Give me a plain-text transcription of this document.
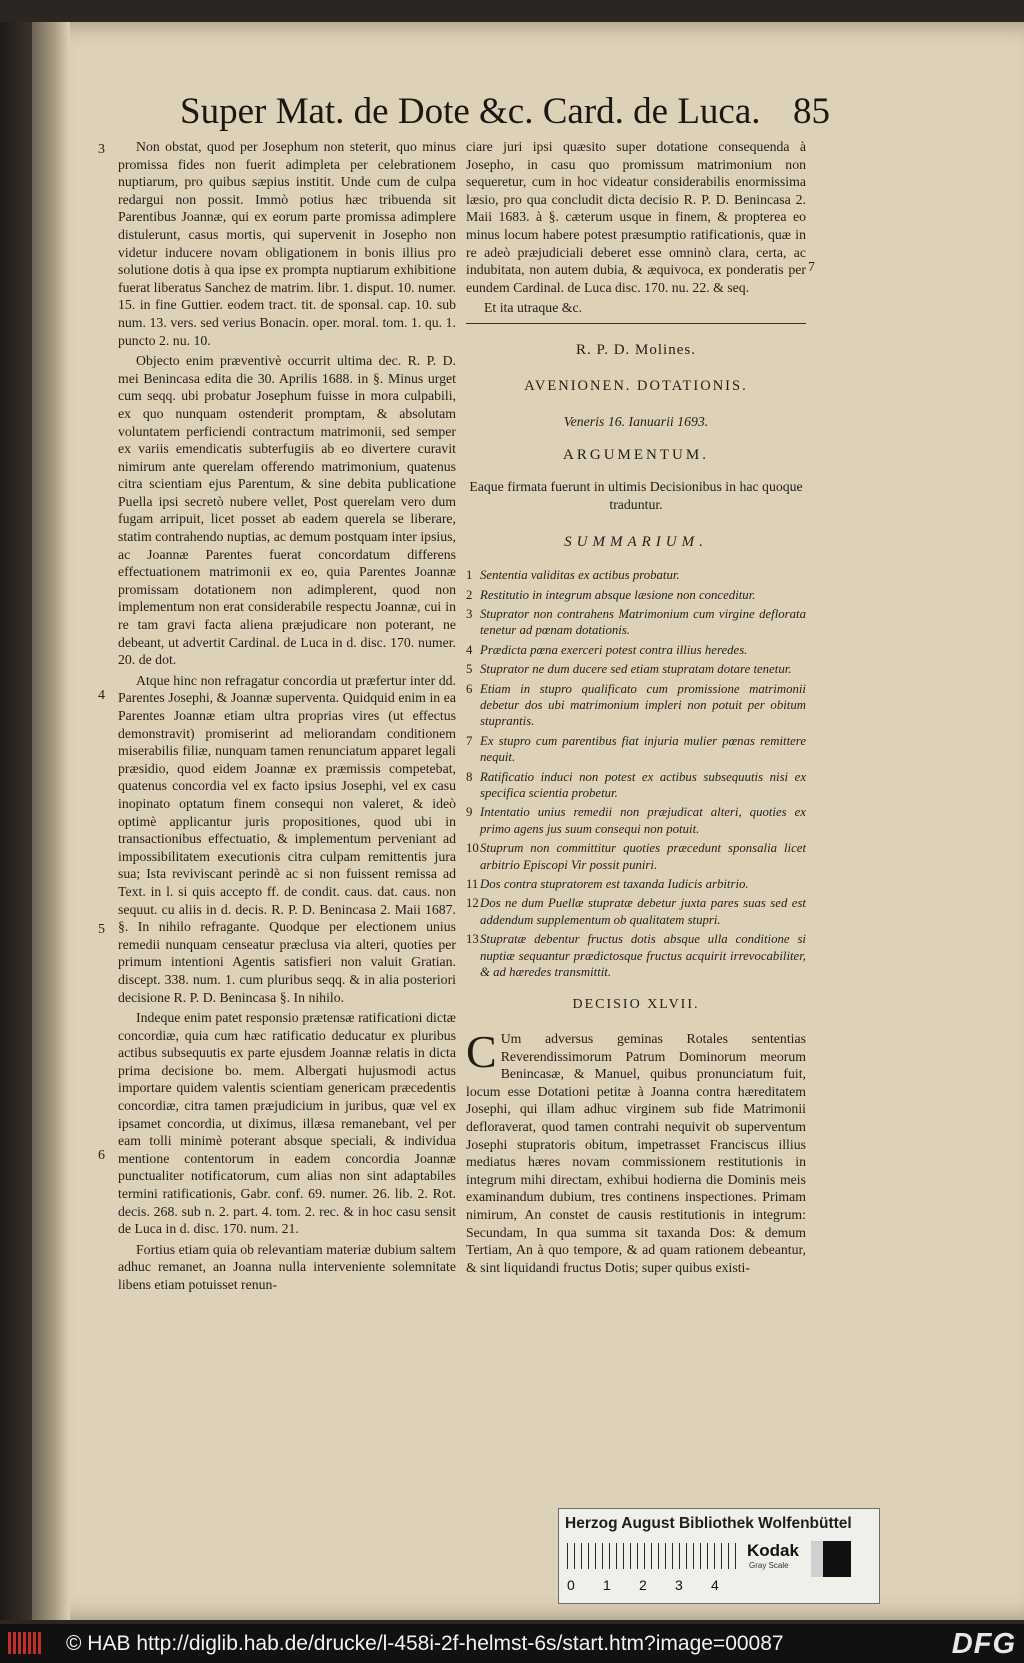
Super Mat. de Dote &c. Card. de Luca. 85
3
4
5
6
7

Non obstat, quod per Josephum non steterit, quo minus promissa fides non fuerit adimpleta per celebrationem nuptiarum, pro quibus sæpius institit. Unde cum de culpa redargui non possit. Immò potius hæc tribuenda sit Parentibus Joannæ, qui ex eorum parte promissa adimplere distulerunt, casus mortis, qui supervenit in Josepho non videtur inducere novam obligationem in bonis illius pro solutione dotis à qua ipse ex prompta nuptiarum exhibitione fuerat liberatus Sanchez de matrim. libr. 1. disput. 10. numer. 15. in fine Guttier. eodem tract. tit. de sponsal. cap. 10. sub num. 13. vers. sed verius Bonacin. oper. moral. tom. 1. qu. 1. puncto 2. nu. 10.

Objecto enim præventivè occurrit ultima dec. R. P. D. mei Benincasa edita die 30. Aprilis 1688. in §. Minus urget cum seqq. ubi probatur Josephum fuisse in mora culpabili, ex quo nunquam ostenderit promptam, & absolutam voluntatem perficiendi contractum matrimonii, sed semper ex variis emendicatis subterfugiis ab eo divertere curavit nimirum ante querelam offerendo matrimonium, quatenus citra scientiam ejus Parentum, & sine debita publicatione Puella ipsi secretò nubere vellet, Post querelam vero dum fugam arripuit, licet posset ab eadem querela se liberare, statim contrahendo nuptias, ac demum postquam inter ipsius, ac Joannæ Parentes fuerat concordatum differens effectuationem matrimonii ex eo, quia Parentes Joannæ promissam dotationem non adimplerent, quod non implementum non erat considerabile respectu Joannæ, cui in re tam gravi facta aliena præjudicare non poterant, ne debeant, ut advertit Cardinal. de Luca in d. disc. 170. numer. 20. de dot.

Atque hinc non refragatur concordia ut præfertur inter dd. Parentes Josephi, & Joannæ superventa. Quidquid enim in ea Parentes Joannæ etiam ultra proprias vires (ut effectus demonstravit) promiserint ad meliorandam conditionem miserabilis filiæ, nunquam tamen renunciatum apparet legali præsidio, quod eidem Joannæ ex præmissis competebat, quatenus concordia vel ex facto ipsius Josephi, vel ex casu inopinato optatum finem consequi non valeret, & ideò optimè applicantur juris propositiones, quod ubi in transactionibus effectuatio, & implementum perveniant ad impossibilitatem executionis citra culpam remittentis jura sua; Ista reviviscant perindè ac si non fuissent remissa ad Text. in l. si quis accepto ff. de condit. caus. dat. caus. non sequut. cu aliis in d. decis. R. P. D. Benincasa 2. Maii 1687. §. In nihilo refragante. Quodque per electionem unius remedii nunquam censeatur præclusa via alteri, quoties per primum intentioni Agentis satisfieri non valuit Gratian. discept. 338. num. 1. cum pluribus seqq. & in alia posteriori decisione R. P. D. Benincasa §. In nihilo.

Indeque enim patet responsio prætensæ ratificationi dictæ concordiæ, quia cum hæc ratificatio deducatur ex pluribus actibus subsequutis ex parte ejusdem Joannæ relatis in dicta prima decisione bo. mem. Albergati hujusmodi actus importare quidem valentis scientiam genericam præcedentis concordiæ, citra tamen præjudicium in juribus, quæ vel ex ipsamet concordia, ut diximus, illæsa remanebant, vel per eam tolli minimè poterant absque speciali, & individua mentione contentorum in eadem concordia Joannæ punctualiter notificatorum, cum alias non sint adaptabiles termini ratificationis, Gabr. conf. 69. numer. 26. lib. 2. Rot. decis. 268. sub n. 2. part. 4. tom. 2. rec. & in hoc casu sensit de Luca in d. disc. 170. num. 21.

Fortius etiam quia ob relevantiam materiæ dubium saltem adhuc remanet, an Joanna nulla interveniente solemnitate libens etiam potuisset renun-

ciare juri ipsi quæsito super dotatione consequenda à Josepho, in casu quo promissum matrimonium non sequeretur, cum in hoc videatur considerabilis enormissima læsio, pro qua concludit dicta decisio R. P. D. Benincasa 2. Maii 1683. à §. cæterum usque in finem, & propterea eo minus locum habere potest præsumptio ratificationis, quæ in re adeò præjudiciali deberet esse omninò clara, certa, ac indubitata, non autem dubia, & æquivoca, ex ponderatis per eundem Cardinal. de Luca disc. 170. nu. 22. & seq.

Et ita utraque &c.

R. P. D. Molines.
AVENIONEN. DOTATIONIS.
Veneris 16. Ianuarii 1693.
ARGUMENTUM.
Eaque firmata fuerunt in ultimis Decisionibus in hac quoque traduntur.
SUMMARIUM.
1 Sententia validitas ex actibus probatur.
2 Restitutio in integrum absque læsione non conceditur.
3 Stuprator non contrahens Matrimonium cum virgine deflorata tenetur ad pœnam dotationis.
4 Prædicta pœna exerceri potest contra illius heredes.
5 Stuprator ne dum ducere sed etiam stupratam dotare tenetur.
6 Etiam in stupro qualificato cum promissione matrimonii debetur dos ubi matrimonium impleri non potuit per obitum stuprantis.
7 Ex stupro cum parentibus fiat injuria mulier pœnas remittere nequit.
8 Ratificatio induci non potest ex actibus subsequutis nisi ex specifica scientia probetur.
9 Intentatio unius remedii non præjudicat alteri, quoties ex primo agens jus suum consequi non potuit.
10 Stuprum non committitur quoties præcedunt sponsalia licet arbitrio Episcopi Vir possit puniri.
11 Dos contra stupratorem est taxanda Iudicis arbitrio.
12 Dos ne dum Puellæ stupratæ debetur juxta pares suas sed est addendum supplementum ob qualitatem stupri.
13 Stupratæ debentur fructus dotis absque ulla conditione si nuptiæ sequantur prædictosque fructus acquirit irrevocabiliter, & ad hæredes transmittit.
DECISIO XLVII.

C Um adversus geminas Rotales sententias Reverendissimorum Patrum Dominorum meorum Benincasæ, & Manuel, quibus pronunciatum fuit, locum esse Dotationi petitæ à Joanna contra hæreditatem Josephi, qui illam adhuc virginem sub fide Matrimonii defloraverat, quod tamen contrahi nequivit ob superventum Josephi stupratoris obitum, impetrasset Franciscus illius mediatus hæres novam commissionem restitutionis in integrum mihi directam, exhibui hodierna die Dominis meis examinandum dubium, tres continens inspectiones. Primam nimirum, An constet de causis restitutionis in integrum: Secundam, In qua summa sit taxanda Dos: & demum Tertiam, An à quo tempore, & ad quam rationem debeantur, & sint liquidandi fructus Dotis; super quibus existi-

Herzog August Bibliothek Wolfenbüttel
Kodak
Gray Scale
0 1 2 3 4
© HAB http://diglib.hab.de/drucke/l-458i-2f-helmst-6s/start.htm?image=00087	DFG
